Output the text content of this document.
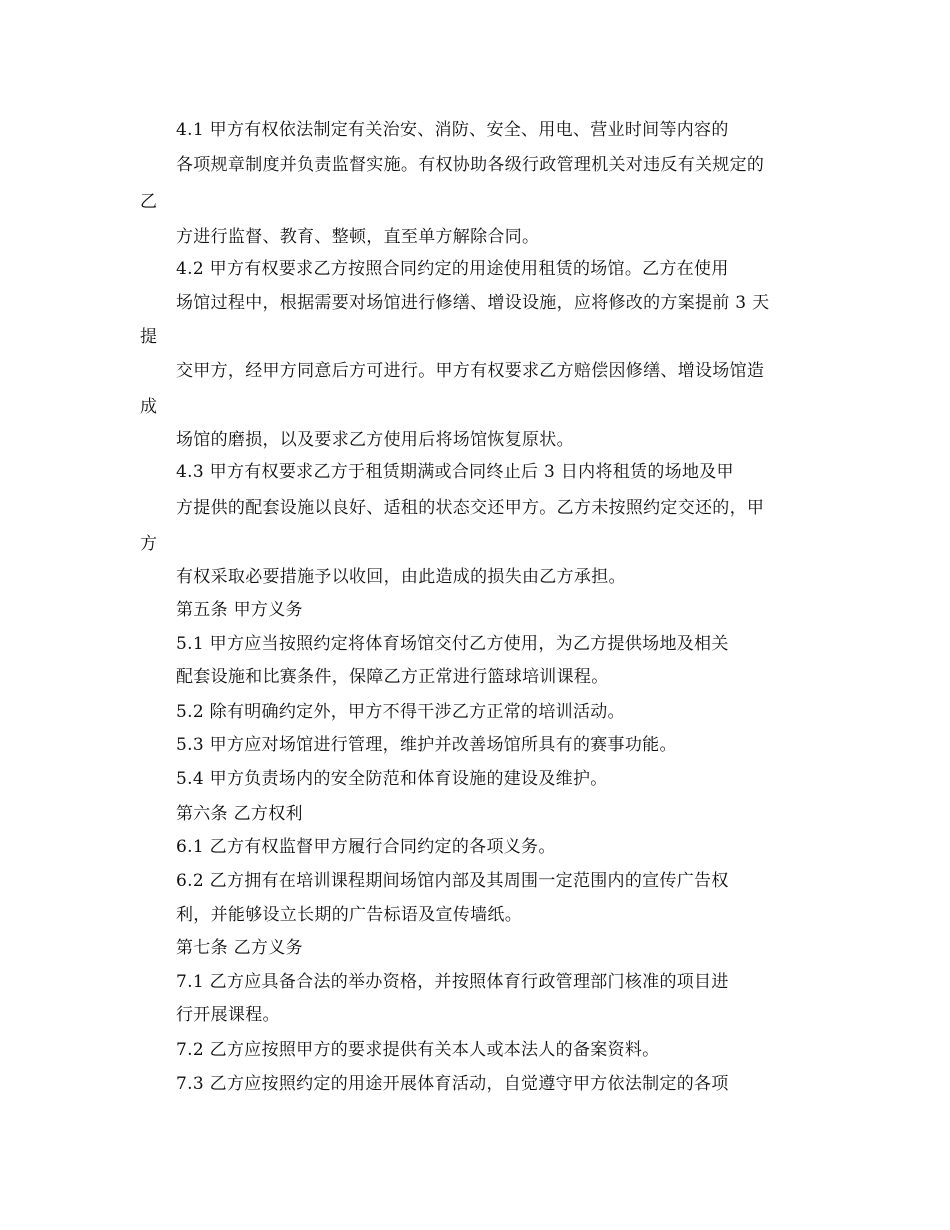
4.1 甲方有权依法制定有关治安、消防、安全、用电、营业时间等内容的
各项规章制度并负责监督实施。有权协助各级行政管理机关对违反有关规定的
乙
方进行监督、教育、整顿，直至单方解除合同。
4.2 甲方有权要求乙方按照合同约定的用途使用租赁的场馆。乙方在使用
场馆过程中，根据需要对场馆进行修缮、增设设施，应将修改的方案提前 3 天
提
交甲方，经甲方同意后方可进行。甲方有权要求乙方赔偿因修缮、增设场馆造
成
场馆的磨损，以及要求乙方使用后将场馆恢复原状。
4.3 甲方有权要求乙方于租赁期满或合同终止后 3 日内将租赁的场地及甲
方提供的配套设施以良好、适租的状态交还甲方。乙方未按照约定交还的，甲
方
有权采取必要措施予以收回，由此造成的损失由乙方承担。
第五条 甲方义务
5.1 甲方应当按照约定将体育场馆交付乙方使用，为乙方提供场地及相关
配套设施和比赛条件，保障乙方正常进行篮球培训课程。
5.2 除有明确约定外，甲方不得干涉乙方正常的培训活动。
5.3 甲方应对场馆进行管理，维护并改善场馆所具有的赛事功能。
5.4 甲方负责场内的安全防范和体育设施的建设及维护。
第六条 乙方权利
6.1 乙方有权监督甲方履行合同约定的各项义务。
6.2 乙方拥有在培训课程期间场馆内部及其周围一定范围内的宣传广告权
利，并能够设立长期的广告标语及宣传墙纸。
第七条 乙方义务
7.1 乙方应具备合法的举办资格，并按照体育行政管理部门核准的项目进
行开展课程。
7.2 乙方应按照甲方的要求提供有关本人或本法人的备案资料。
7.3 乙方应按照约定的用途开展体育活动，自觉遵守甲方依法制定的各项
